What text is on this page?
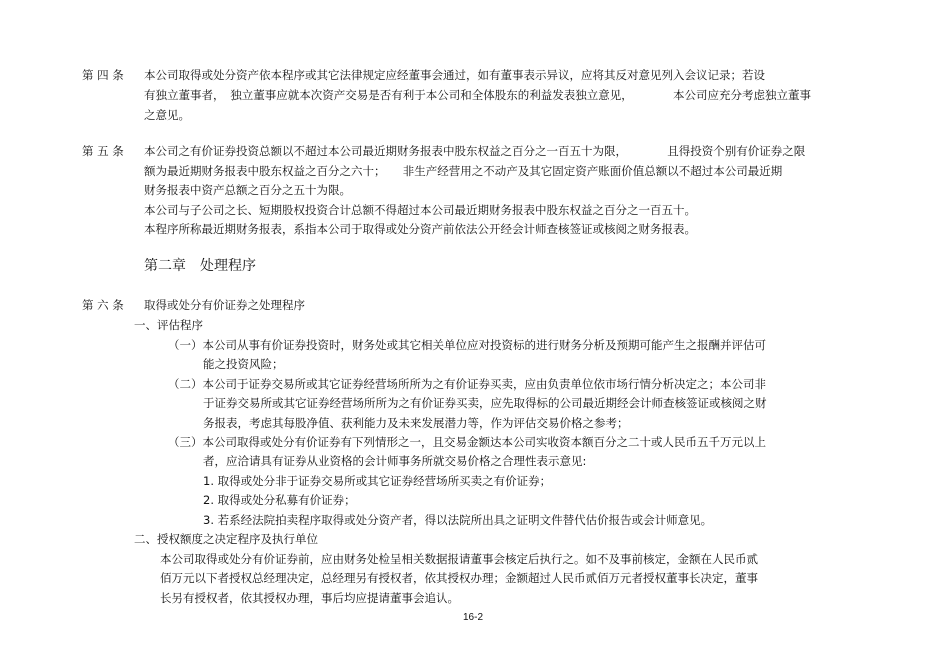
第 四 条 本公司取得或处分资产依本程序或其它法律规定应经董事会通过，如有董事表示异议，应将其反对意见列入会议记录；若设
有独立董事者，　独立董事应就本次资产交易是否有利于本公司和全体股东的利益发表独立意见，　　　　本公司应充分考虑独立董事
之意见。
第 五 条 本公司之有价证券投资总额以不超过本公司最近期财务报表中股东权益之百分之一百五十为限，　　　　且得投资个别有价证券之限
额为最近期财务报表中股东权益之百分之六十；　　非生产经营用之不动产及其它固定资产账面价值总额以不超过本公司最近期
财务报表中资产总额之百分之五十为限。
本公司与子公司之长、短期股权投资合计总额不得超过本公司最近期财务报表中股东权益之百分之一百五十。
本程序所称最近期财务报表，系指本公司于取得或处分资产前依法公开经会计师查核签证或核阅之财务报表。
第二章　处理程序
第 六 条 取得或处分有价证券之处理程序
一、评估程序
（一）本公司从事有价证券投资时，财务处或其它相关单位应对投资标的进行财务分析及预期可能产生之报酬并评估可
能之投资风险；
（二）本公司于证券交易所或其它证券经营场所所为之有价证券买卖，应由负责单位依市场行情分析决定之；本公司非
于证券交易所或其它证券经营场所所为之有价证券买卖，应先取得标的公司最近期经会计师查核签证或核阅之财
务报表，考虑其每股净值、获利能力及未来发展潜力等，作为评估交易价格之参考；
（三）本公司取得或处分有价证券有下列情形之一，且交易金额达本公司实收资本额百分之二十或人民币五千万元以上
者，应洽请具有证券从业资格的会计师事务所就交易价格之合理性表示意见:
1. 取得或处分非于证券交易所或其它证券经营场所买卖之有价证券；
2. 取得或处分私募有价证券；
3. 若系经法院拍卖程序取得或处分资产者，得以法院所出具之证明文件替代估价报告或会计师意见。
二、授权额度之决定程序及执行单位
本公司取得或处分有价证券前，应由财务处检呈相关数据报请董事会核定后执行之。如不及事前核定，金额在人民币贰
佰万元以下者授权总经理决定，总经理另有授权者，依其授权办理；金额超过人民币贰佰万元者授权董事长决定，董事
长另有授权者，依其授权办理，事后均应提请董事会追认。
16-2
